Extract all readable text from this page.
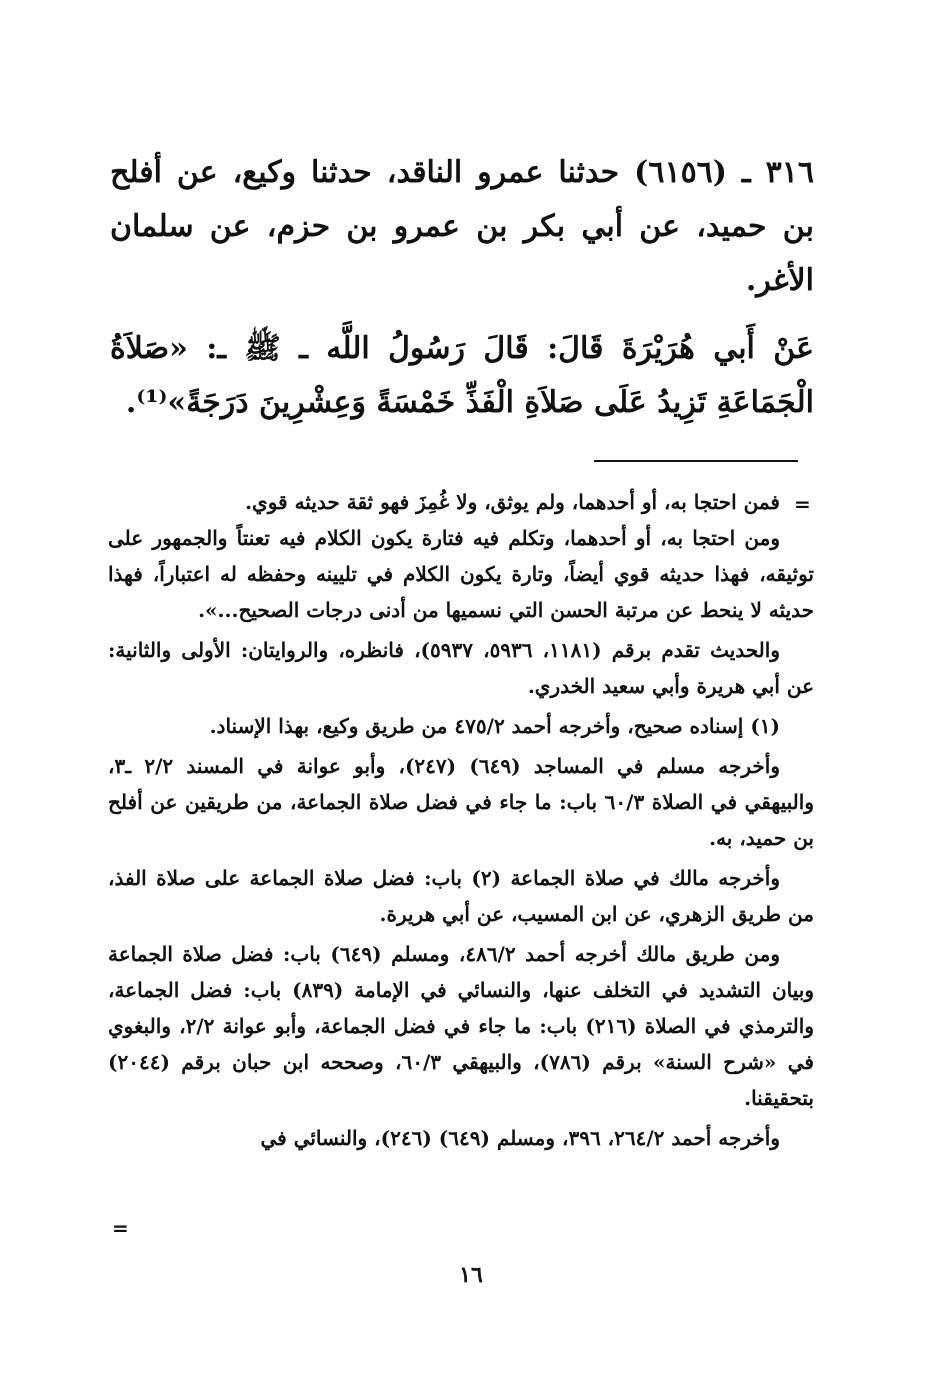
٣١٦ ـ (٦١٥٦) حدثنا عمرو الناقد، حدثنا وكيع، عن أفلح بن حميد، عن أبي بكر بن عمرو بن حزم، عن سلمان الأغر.

عَنْ أَبي هُرَيْرَةَ قَالَ: قَالَ رَسُولُ اللَّه ـ ﷺ ـ: «صَلاَةُ الْجَمَاعَةِ تَزِيدُ عَلَى صَلاَةِ الْفَذِّ خَمْسَةً وَعِشْرِينَ دَرَجَةً»⁽¹⁾.

=

فمن احتجا به، أو أحدهما، ولم يوثق، ولا غُمِزَ فهو ثقة حديثه قوي.

ومن احتجا به، أو أحدهما، وتكلم فيه فتارة يكون الكلام فيه تعنتاً والجمهور على توثيقه، فهذا حديثه قوي أيضاً، وتارة يكون الكلام في تليينه وحفظه له اعتباراً، فهذا حديثه لا ينحط عن مرتبة الحسن التي نسميها من أدنى درجات الصحيح...».

والحديث تقدم برقم (١١٨١، ٥٩٣٦، ٥٩٣٧)، فانظره، والروايتان: الأولى والثانية: عن أبي هريرة وأبي سعيد الخدري.

(١) إسناده صحيح، وأخرجه أحمد ٤٧٥/٢ من طريق وكيع، بهذا الإسناد.

وأخرجه مسلم في المساجد (٦٤٩) (٢٤٧)، وأبو عوانة في المسند ٢/٢ ـ٣، والبيهقي في الصلاة ٦٠/٣ باب: ما جاء في فضل صلاة الجماعة، من طريقين عن أفلح بن حميد، به.

وأخرجه مالك في صلاة الجماعة (٢) باب: فضل صلاة الجماعة على صلاة الفذ، من طريق الزهري، عن ابن المسيب، عن أبي هريرة.

ومن طريق مالك أخرجه أحمد ٤٨٦/٢، ومسلم (٦٤٩) باب: فضل صلاة الجماعة وبيان التشديد في التخلف عنها، والنسائي في الإمامة (٨٣٩) باب: فضل الجماعة، والترمذي في الصلاة (٢١٦) باب: ما جاء في فضل الجماعة، وأبو عوانة ٢/٢، والبغوي في «شرح السنة» برقم (٧٨٦)، والبيهقي ٦٠/٣، وصححه ابن حبان برقم (٢٠٤٤) بتحقيقنا.

وأخرجه أحمد ٢٦٤/٢، ٣٩٦، ومسلم (٦٤٩) (٢٤٦)، والنسائي في

=
١٦
